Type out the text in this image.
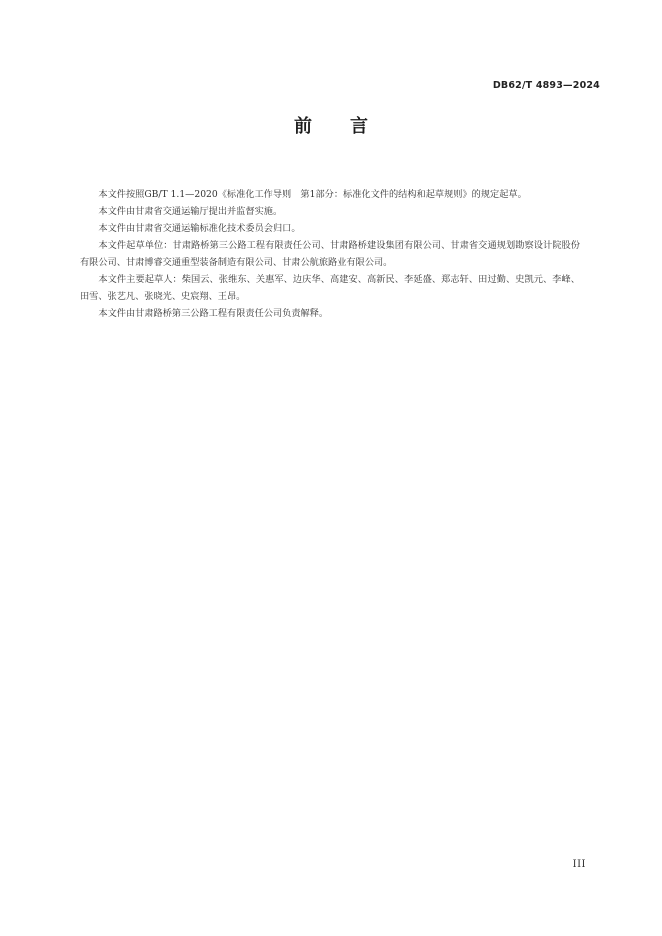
DB62/T 4893—2024
前 言

本文件按照GB/T 1.1—2020《标准化工作导则　第1部分：标准化文件的结构和起草规则》的规定起草。

本文件由甘肃省交通运输厅提出并监督实施。

本文件由甘肃省交通运输标准化技术委员会归口。

本文件起草单位：甘肃路桥第三公路工程有限责任公司、甘肃路桥建设集团有限公司、甘肃省交通规划勘察设计院股份有限公司、甘肃博睿交通重型装备制造有限公司、甘肃公航旅路业有限公司。

本文件主要起草人：柴国云、张维东、关惠军、边庆华、高建安、高新民、李延盛、郑志轩、田过勤、史凯元、李峰、田雪、张艺凡、张晓光、史宸翔、王昂。

本文件由甘肃路桥第三公路工程有限责任公司负责解释。

III
